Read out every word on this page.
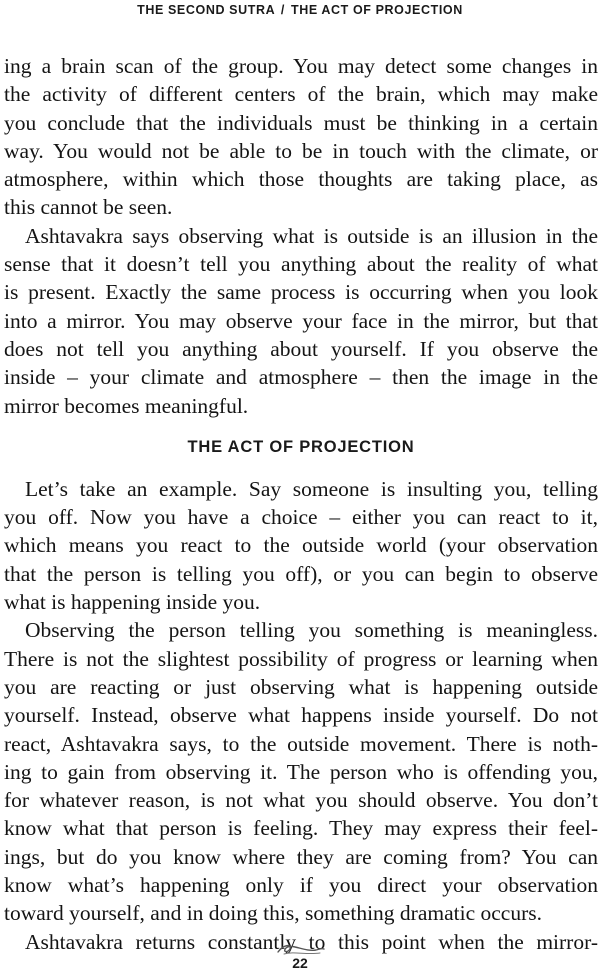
THE SECOND SUTRA / THE ACT OF PROJECTION

ing a brain scan of the group. You may detect some changes in

the activity of different centers of the brain, which may make

you conclude that the individuals must be thinking in a certain

way. You would not be able to be in touch with the climate, or

atmosphere, within which those thoughts are taking place, as

this cannot be seen.

Ashtavakra says observing what is outside is an illusion in the

sense that it doesn’t tell you anything about the reality of what

is present. Exactly the same process is occurring when you look

into a mirror. You may observe your face in the mirror, but that

does not tell you anything about yourself. If you observe the

inside – your climate and atmosphere – then the image in the

mirror becomes meaningful.

THE ACT OF PROJECTION

Let’s take an example. Say someone is insulting you, telling

you off. Now you have a choice – either you can react to it,

which means you react to the outside world (your observation

that the person is telling you off), or you can begin to observe

what is happening inside you.

Observing the person telling you something is meaningless.

There is not the slightest possibility of progress or learning when

you are reacting or just observing what is happening outside

yourself. Instead, observe what happens inside yourself. Do not

react, Ashtavakra says, to the outside movement. There is noth-

ing to gain from observing it. The person who is offending you,

for whatever reason, is not what you should observe. You don’t

know what that person is feeling. They may express their feel-

ings, but do you know where they are coming from? You can

know what’s happening only if you direct your observation

toward yourself, and in doing this, something dramatic occurs.

Ashtavakra returns constantly to this point when the mirror-

22
